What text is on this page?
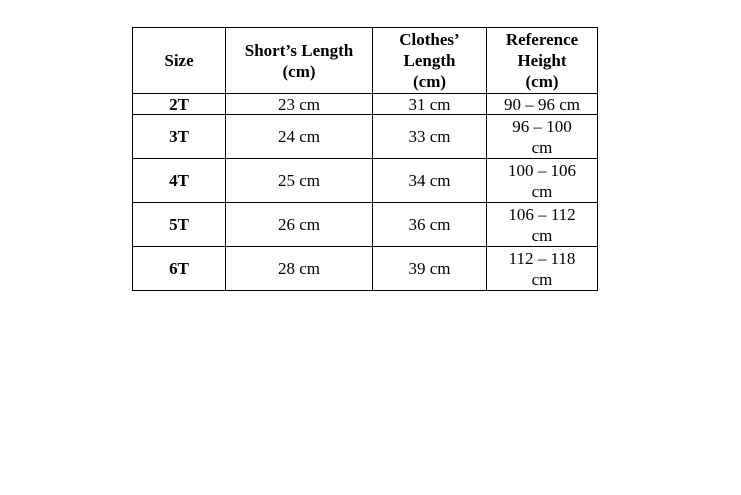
Size	Short’s Length (cm)	Clothes’ Length (cm)	Reference Height (cm)
2T	23 cm	31 cm	90 – 96 cm
3T	24 cm	33 cm	96 – 100 cm
4T	25 cm	34 cm	100 – 106 cm
5T	26 cm	36 cm	106 – 112 cm
6T	28 cm	39 cm	112 – 118 cm
